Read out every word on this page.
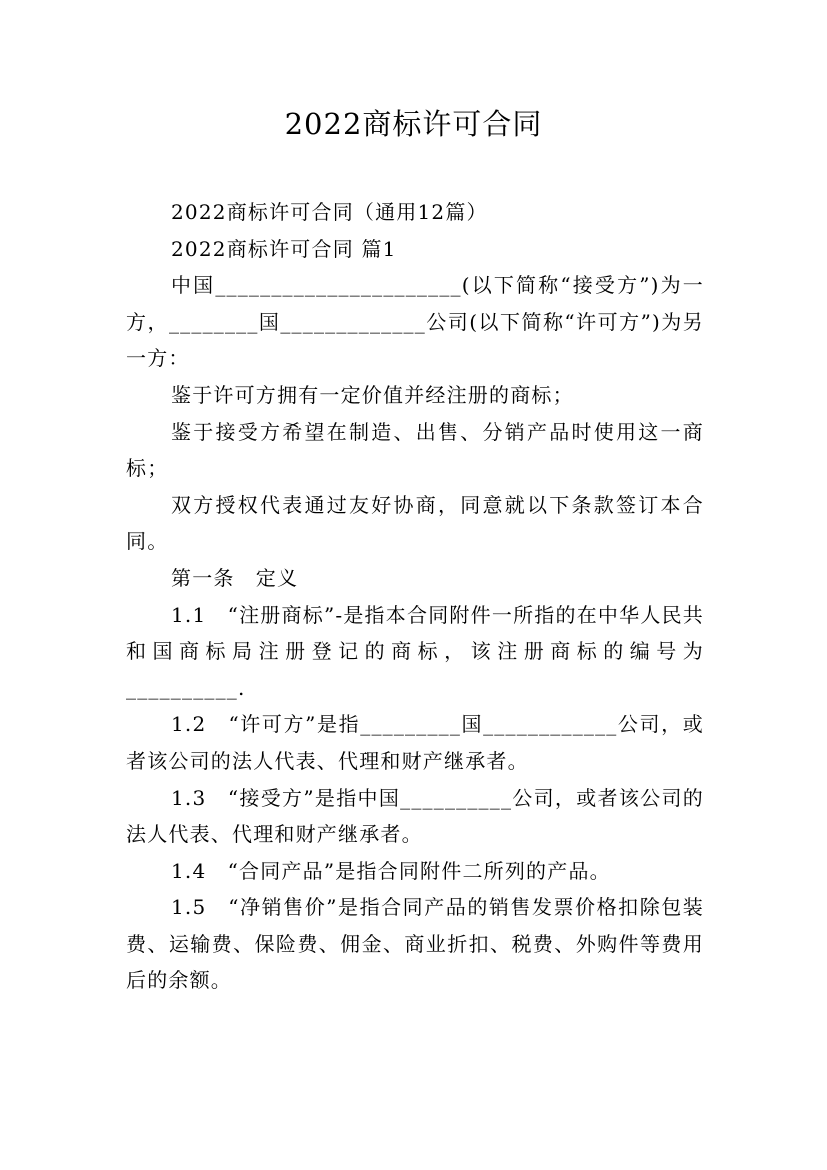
2022商标许可合同

2022商标许可合同（通用12篇）

2022商标许可合同 篇1

中国______________________(以下简称“接受方”)为一方，________国_____________公司(以下简称“许可方”)为另一方：

鉴于许可方拥有一定价值并经注册的商标；

鉴于接受方希望在制造、出售、分销产品时使用这一商标；

双方授权代表通过友好协商，同意就以下条款签订本合同。

第一条　定义

1.1　“注册商标”-是指本合同附件一所指的在中华人民共和国商标局注册登记的商标，该注册商标的编号为__________.

1.2　“许可方”是指_________国____________公司，或者该公司的法人代表、代理和财产继承者。

1.3　“接受方”是指中国__________公司，或者该公司的法人代表、代理和财产继承者。

1.4　“合同产品”是指合同附件二所列的产品。

1.5　“净销售价”是指合同产品的销售发票价格扣除包装费、运输费、保险费、佣金、商业折扣、税费、外购件等费用后的余额。
